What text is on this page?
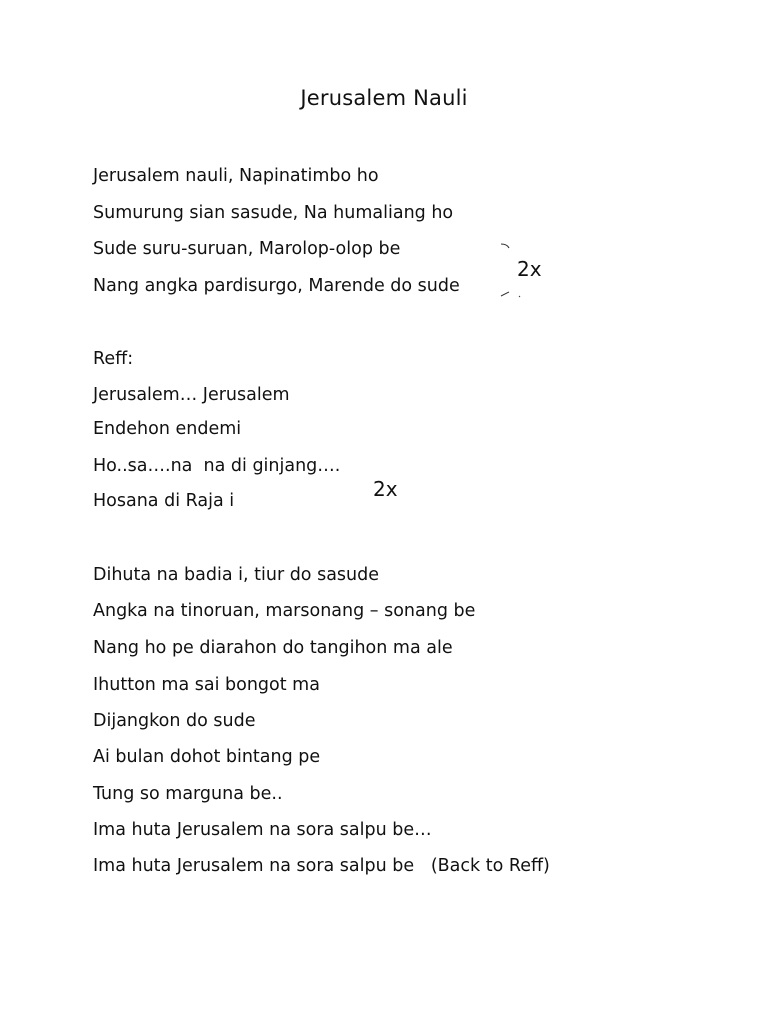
Jerusalem Nauli
Jerusalem nauli, Napinatimbo ho
Sumurung sian sasude, Na humaliang ho
Sude suru-suruan, Marolop-olop be
Nang angka pardisurgo, Marende do sude
2x
Reff:
Jerusalem… Jerusalem
Endehon endemi
Ho..sa….na  na di ginjang….
Hosana di Raja i	2x
Dihuta na badia i, tiur do sasude
Angka na tinoruan, marsonang – sonang be
Nang ho pe diarahon do tangihon ma ale
Ihutton ma sai bongot ma
Dijangkon do sude
Ai bulan dohot bintang pe
Tung so marguna be..
Ima huta Jerusalem na sora salpu be…
Ima huta Jerusalem na sora salpu be   (Back to Reff)
